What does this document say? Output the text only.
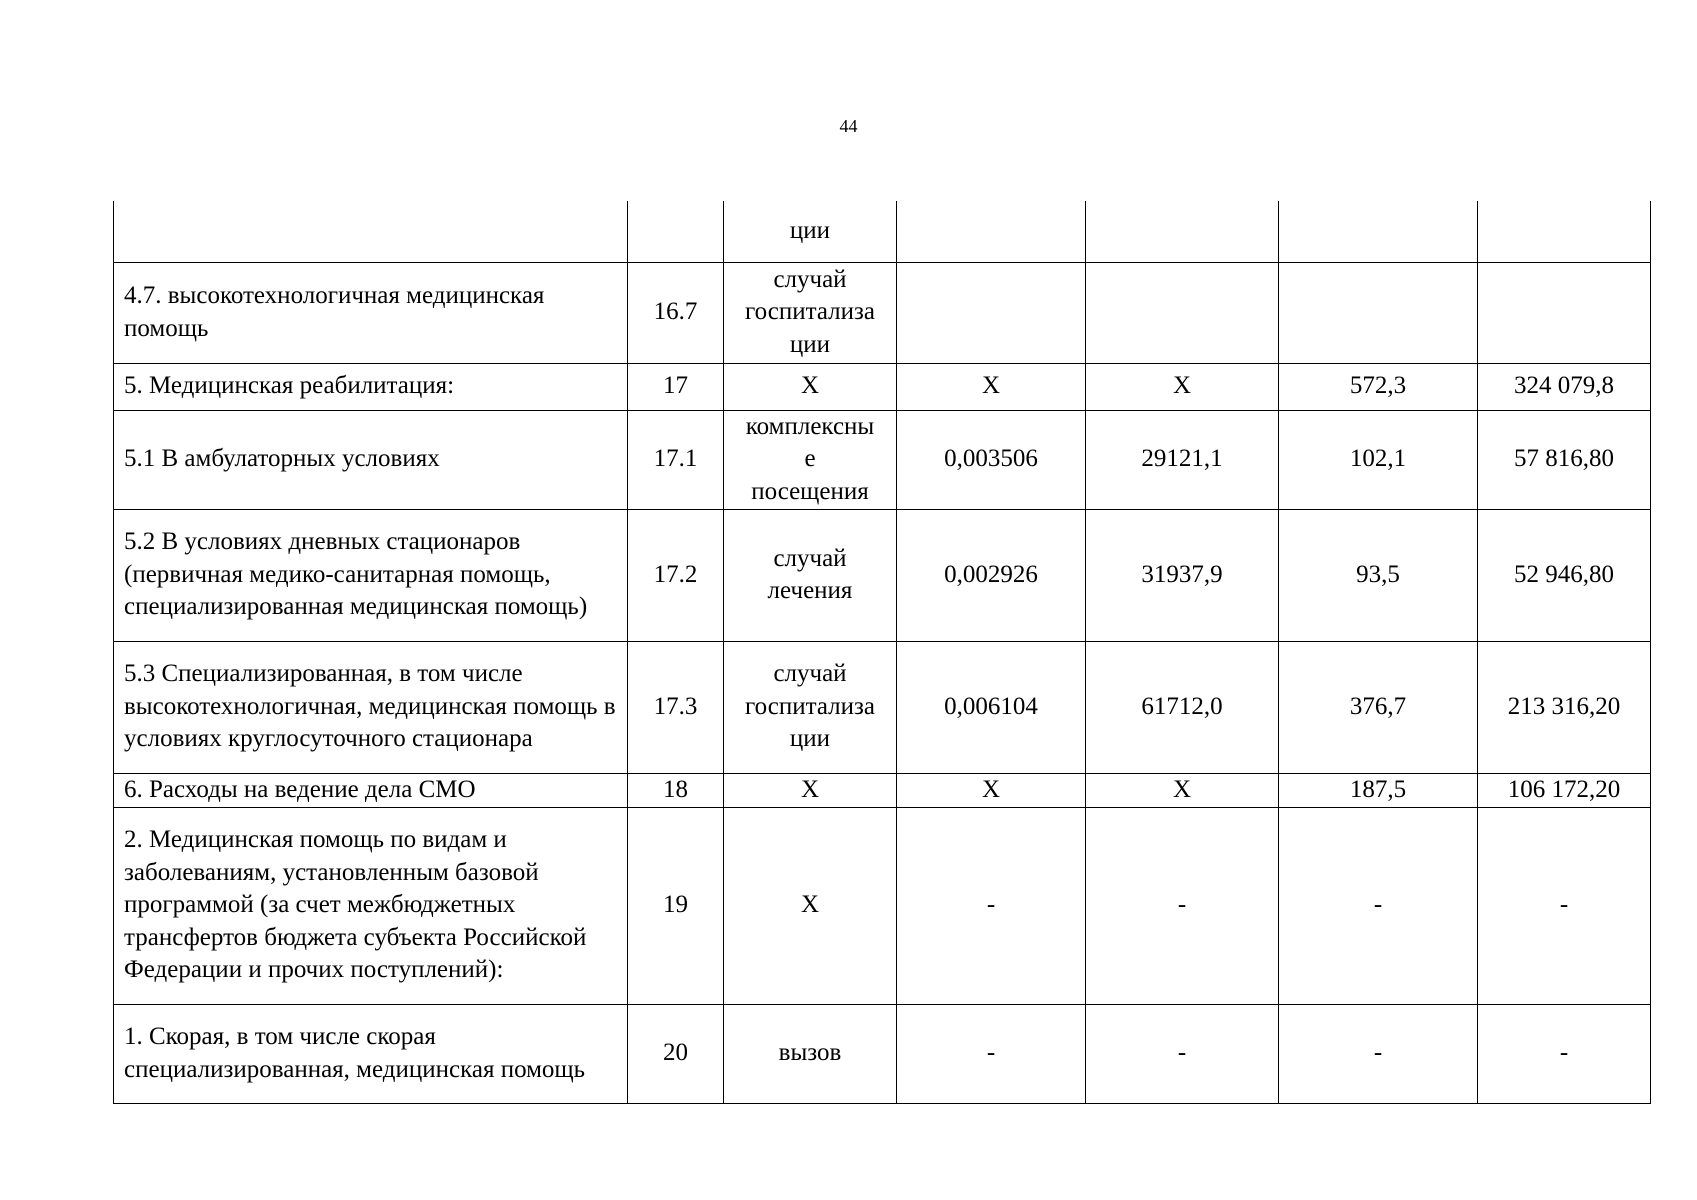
44
		ции				
4.7. высокотехнологичная медицинская помощь	16.7	случай
госпитализа
ции				
5. Медицинская реабилитация:	17	Х	Х	Х	572,3	324 079,8
5.1 В амбулаторных условиях	17.1	комплексны
е
посещения	0,003506	29121,1	102,1	57 816,80
5.2 В условиях дневных стационаров (первичная медико-санитарная помощь, специализированная медицинская помощь)	17.2	случай
лечения	0,002926	31937,9	93,5	52 946,80
5.3 Специализированная, в том числе высокотехнологичная, медицинская помощь в условиях круглосуточного стационара	17.3	случай
госпитализа
ции	0,006104	61712,0	376,7	213 316,20
6. Расходы на ведение дела СМО	18	Х	Х	Х	187,5	106 172,20
2. Медицинская помощь по видам и заболеваниям, установленным базовой программой (за счет межбюджетных трансфертов бюджета субъекта Российской Федерации и прочих поступлений):	19	Х	-	-	-	-
1. Скорая, в том числе скорая специализированная, медицинская помощь	20	вызов	-	-	-	-
